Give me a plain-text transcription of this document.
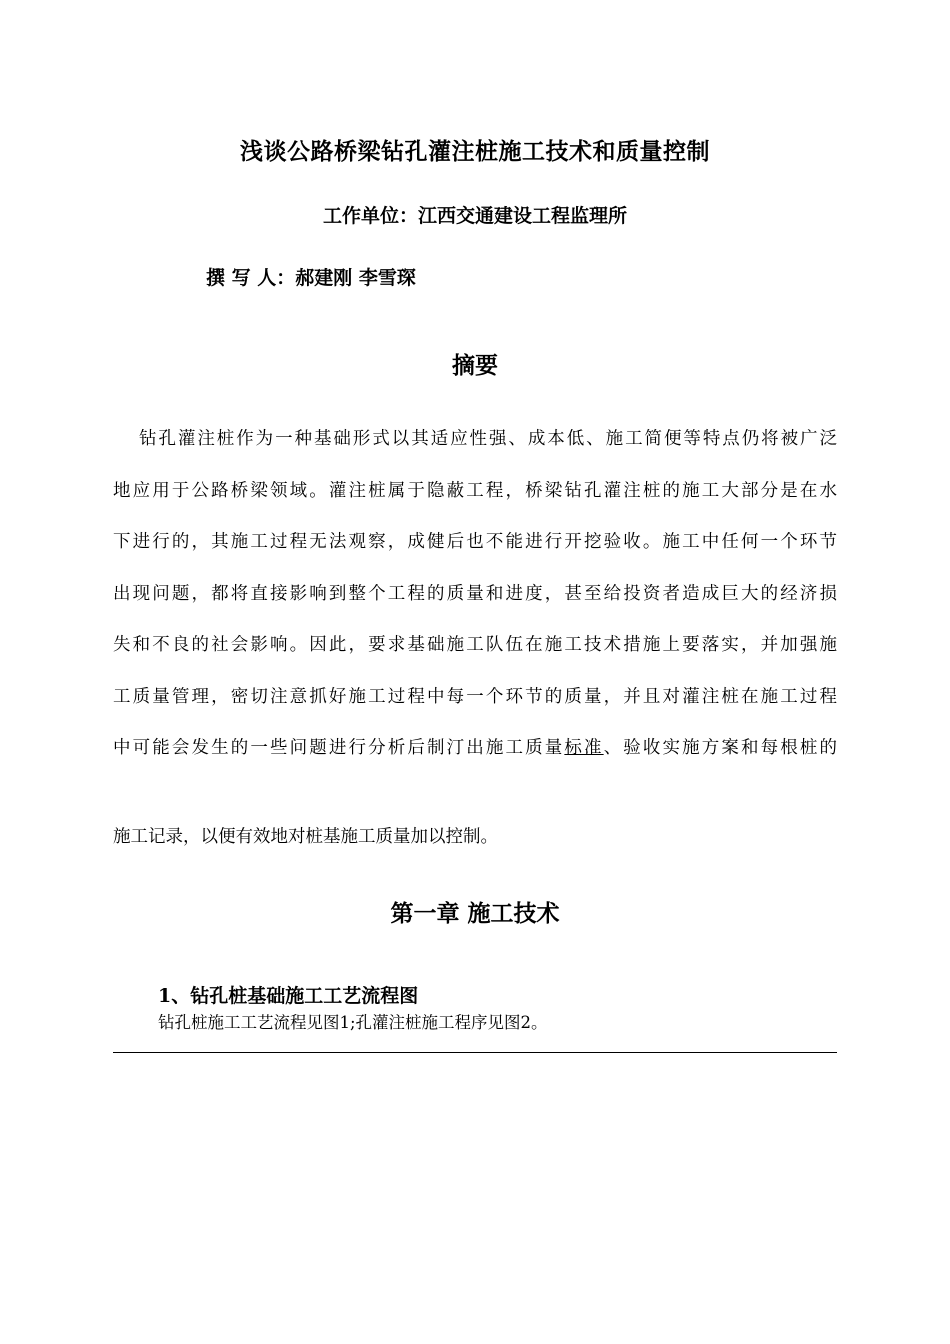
浅谈公路桥梁钻孔灌注桩施工技术和质量控制
工作单位：江西交通建设工程监理所
撰 写 人：郝建刚 李雪琛
摘要
钻孔灌注桩作为一种基础形式以其适应性强、成本低、施工简便等特点仍将被广泛
地应用于公路桥梁领域。灌注桩属于隐蔽工程，桥梁钻孔灌注桩的施工大部分是在水
下进行的，其施工过程无法观察，成健后也不能进行开挖验收。施工中任何一个环节
出现问题，都将直接影响到整个工程的质量和进度，甚至给投资者造成巨大的经济损
失和不良的社会影响。因此，要求基础施工队伍在施工技术措施上要落实，并加强施
工质量管理，密切注意抓好施工过程中每一个环节的质量，并且对灌注桩在施工过程
中可能会发生的一些问题进行分析后制汀出施工质量标准、验收实施方案和每根桩的
施工记录，以便有效地对桩基施工质量加以控制。
第一章 施工技术
1、钻孔桩基础施工工艺流程图
钻孔桩施工工艺流程见图1;孔灌注桩施工程序见图2。
